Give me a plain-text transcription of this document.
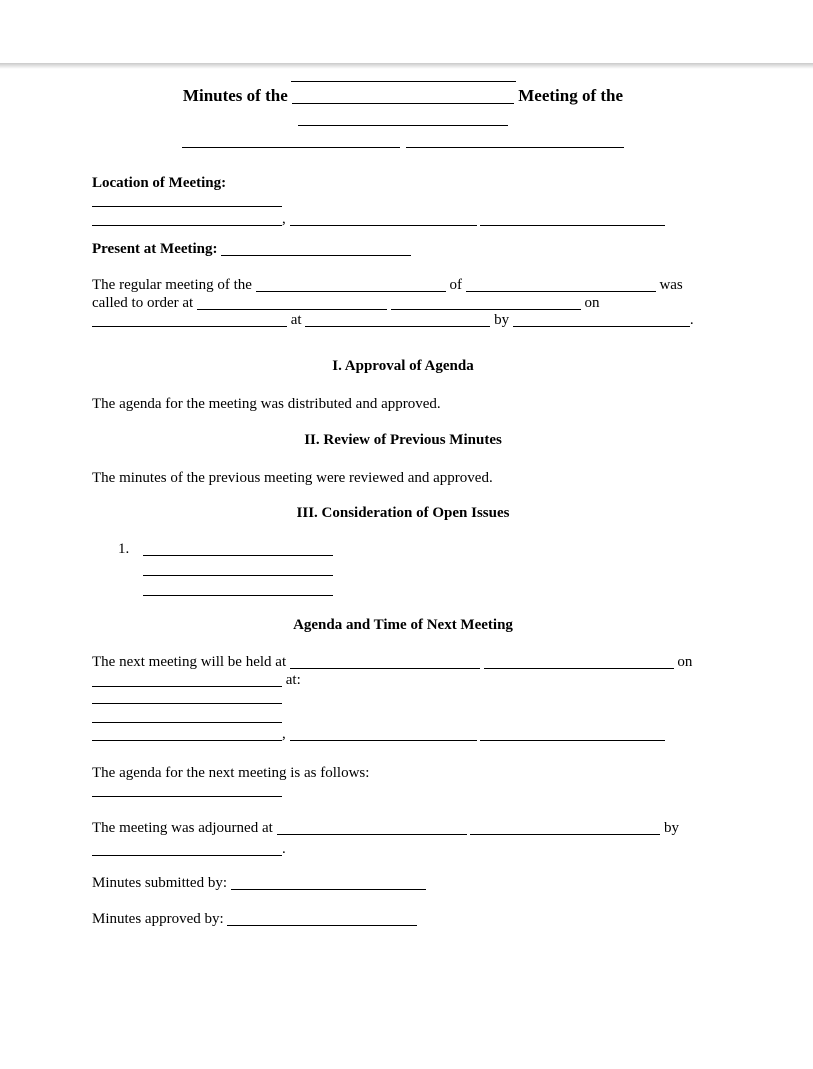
Minutes of the	Meeting of the
Location of Meeting:
,
Present at Meeting:
The regular meeting of the	of	was
called to order at	on
at	by	.
I. Approval of Agenda
The agenda for the meeting was distributed and approved.
II. Review of Previous Minutes
The minutes of the previous meeting were reviewed and approved.
III. Consideration of Open Issues
1.
Agenda and Time of Next Meeting
The next meeting will be held at	on
at:
,
The agenda for the next meeting is as follows:
The meeting was adjourned at	by
.
Minutes submitted by:
Minutes approved by:
